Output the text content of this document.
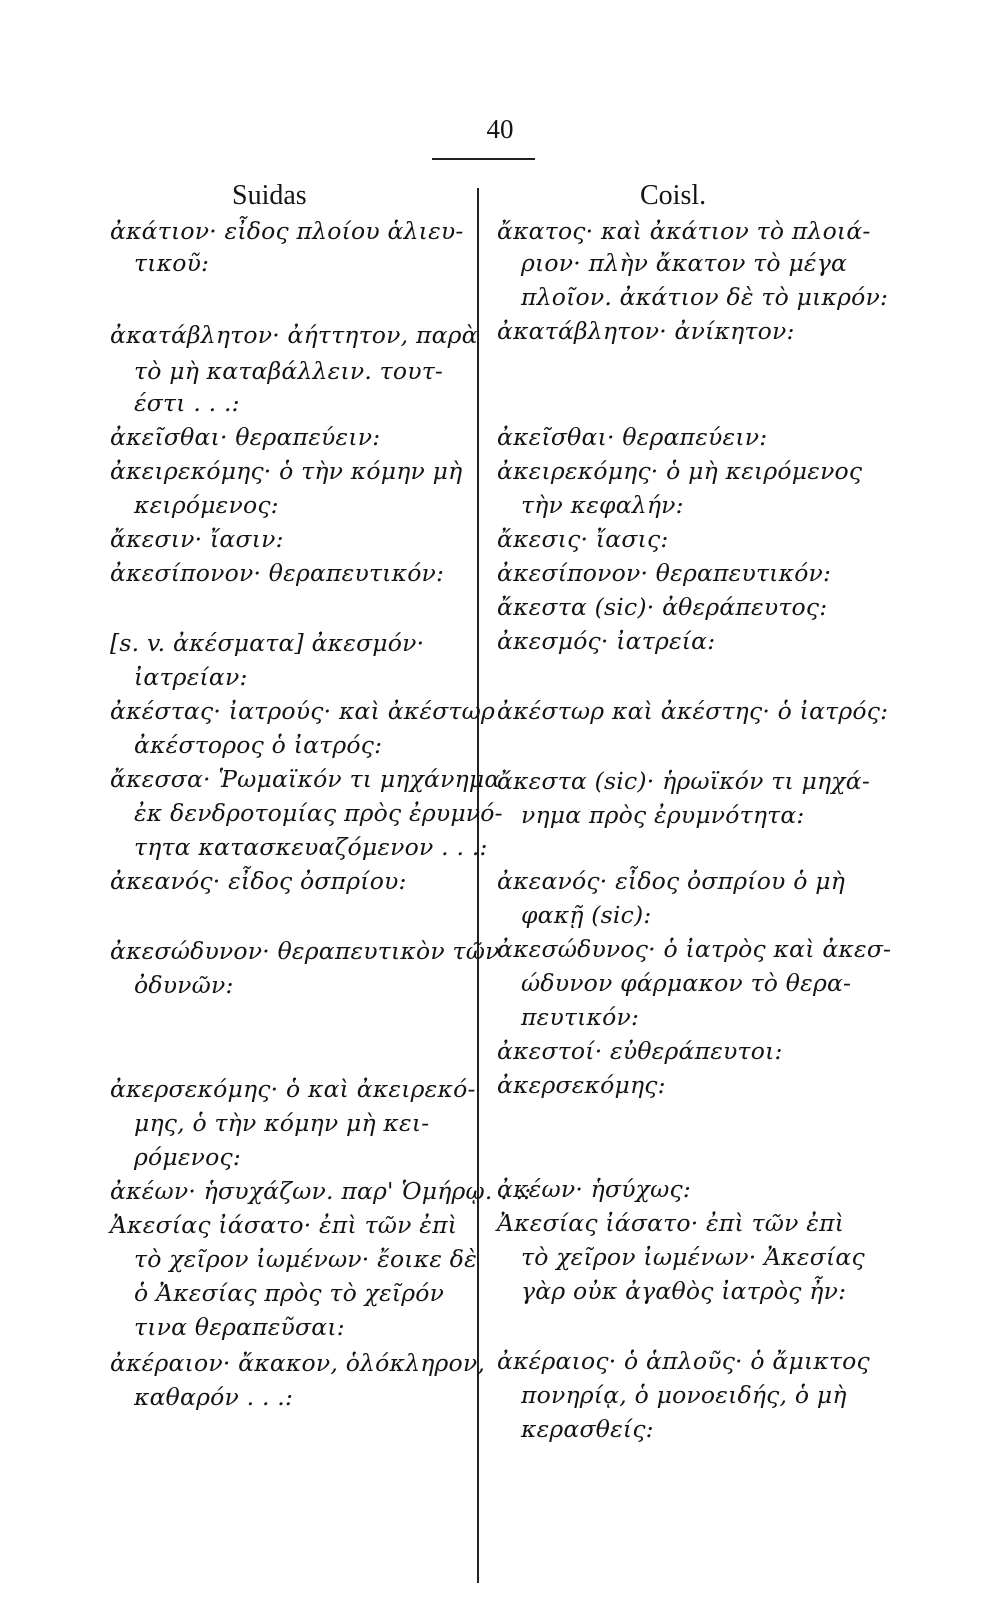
40
Suidas	Coisl.
ἀκάτιον· εἶδος πλοίου ἁλιευ-
τικοῦ:
ἀκατάβλητον· ἀήττητον, παρὰ
τὸ μὴ καταβάλλειν. τουτ-
έστι . . .:
ἀκεῖσθαι· θεραπεύειν:
ἀκειρεκόμης· ὁ τὴν κόμην μὴ
κειρόμενος:
ἄκεσιν· ἴασιν:
ἀκεσίπονον· θεραπευτικόν:
[s. v. ἀκέσματα] ἀκεσμόν·
ἰατρείαν:
ἀκέστας· ἰατρούς· καὶ ἀκέστωρ
ἀκέστορος ὁ ἰατρός:
ἄκεσσα· Ῥωμαϊκόν τι μηχάνημα
ἐκ δενδροτομίας πρὸς ἐρυμνό-
τητα κατασκευαζόμενον . . .:
ἀκεανός· εἶδος ὀσπρίου:
ἀκεσώδυνον· θεραπευτικὸν τῶν
ὀδυνῶν:
ἀκερσεκόμης· ὁ καὶ ἀκειρεκό-
μης, ὁ τὴν κόμην μὴ κει-
ρόμενος:
ἀκέων· ἡσυχάζων. παρ' Ὁμήρῳ. . .:
Ἀκεσίας ἰάσατο· ἐπὶ τῶν ἐπὶ
τὸ χεῖρον ἰωμένων· ἔοικε δὲ
ὁ Ἀκεσίας πρὸς τὸ χεῖρόν
τινα θεραπεῦσαι:
ἀκέραιον· ἄκακον, ὁλόκληρον,
καθαρόν . . .:
ἄκατος· καὶ ἀκάτιον τὸ πλοιά-
ριον· πλὴν ἄκατον τὸ μέγα
πλοῖον. ἀκάτιον δὲ τὸ μικρόν:
ἀκατάβλητον· ἀνίκητον:
ἀκεῖσθαι· θεραπεύειν:
ἀκειρεκόμης· ὁ μὴ κειρόμενος
τὴν κεφαλήν:
ἄκεσις· ἴασις:
ἀκεσίπονον· θεραπευτικόν:
ἄκεστα (sic)· ἀθεράπευτος:
ἀκεσμός· ἰατρεία:
ἀκέστωρ καὶ ἀκέστης· ὁ ἰατρός:
ἄκεστα (sic)· ἡρωϊκόν τι μηχά-
νημα πρὸς ἐρυμνότητα:
ἀκεανός· εἶδος ὀσπρίου ὁ μὴ
φακῇ (sic):
ἀκεσώδυνος· ὁ ἰατρὸς καὶ ἀκεσ-
ώδυνον φάρμακον τὸ θερα-
πευτικόν:
ἀκεστοί· εὐθεράπευτοι:
ἀκερσεκόμης:
ἀκέων· ἡσύχως:
Ἀκεσίας ἰάσατο· ἐπὶ τῶν ἐπὶ
τὸ χεῖρον ἰωμένων· Ἀκεσίας
γὰρ οὐκ ἀγαθὸς ἰατρὸς ἦν:
ἀκέραιος· ὁ ἁπλοῦς· ὁ ἄμικτος
πονηρίᾳ, ὁ μονοειδής, ὁ μὴ
κερασθείς:
